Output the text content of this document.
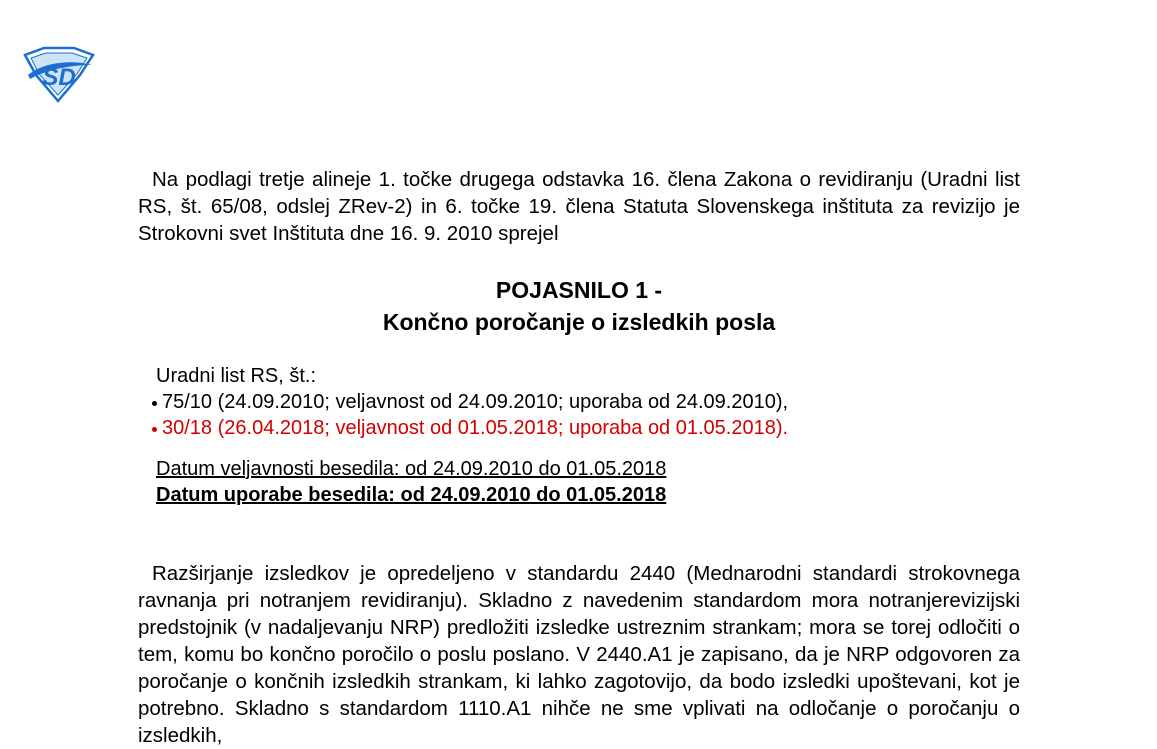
SD

Na podlagi tretje alineje 1. točke drugega odstavka 16. člena Zakona o revidiranju (Uradni list RS, št. 65/08, odslej ZRev-2) in 6. točke 19. člena Statuta Slovenskega inštituta za revizijo je Strokovni svet Inštituta dne 16. 9. 2010 sprejel

POJASNILO 1 -
Končno poročanje o izsledkih posla
Uradni list RS, št.:
75/10 (24.09.2010; veljavnost od 24.09.2010; uporaba od 24.09.2010),
30/18 (26.04.2018; veljavnost od 01.05.2018; uporaba od 01.05.2018).
Datum veljavnosti besedila: od 24.09.2010 do 01.05.2018
Datum uporabe besedila: od 24.09.2010 do 01.05.2018

Razširjanje izsledkov je opredeljeno v standardu 2440 (Mednarodni standardi strokovnega ravnanja pri notranjem revidiranju). Skladno z navedenim standardom mora notranjerevizijski predstojnik (v nadaljevanju NRP) predložiti izsledke ustreznim strankam; mora se torej odločiti o tem, komu bo končno poročilo o poslu poslano. V 2440.A1 je zapisano, da je NRP odgovoren za poročanje o končnih izsledkih strankam, ki lahko zagotovijo, da bodo izsledki upoštevani, kot je potrebno. Skladno s standardom 1110.A1 nihče ne sme vplivati na odločanje o poročanju o izsledkih,
